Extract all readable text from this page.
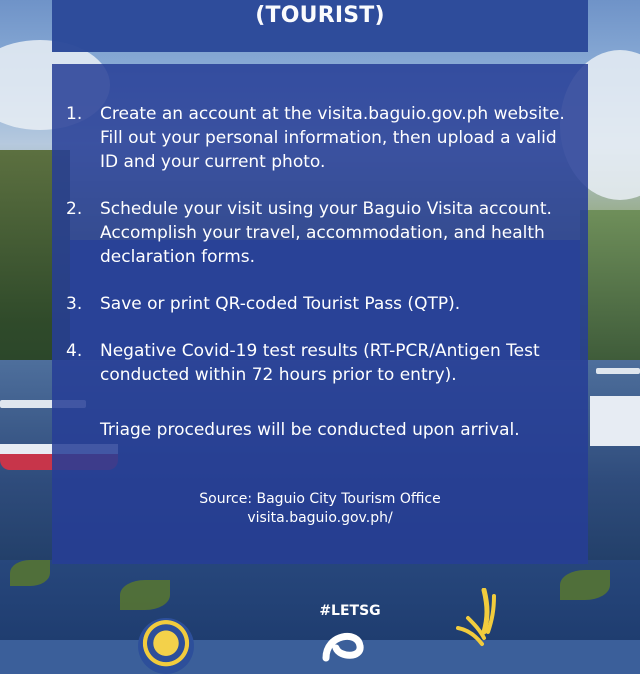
(TOURIST)
1. Create an account at the visita.baguio.gov.ph website. Fill out your personal information, then upload a valid ID and your current photo.
2. Schedule your visit using your Baguio Visita account. Accomplish your travel, accommodation, and health declaration forms.
3. Save or print QR-coded Tourist Pass (QTP).
4. Negative Covid-19 test results (RT-PCR/Antigen Test conducted within 72 hours prior to entry).
Triage procedures will be conducted upon arrival.
Source: Baguio City Tourism Office
visita.baguio.gov.ph/
#LETSG
